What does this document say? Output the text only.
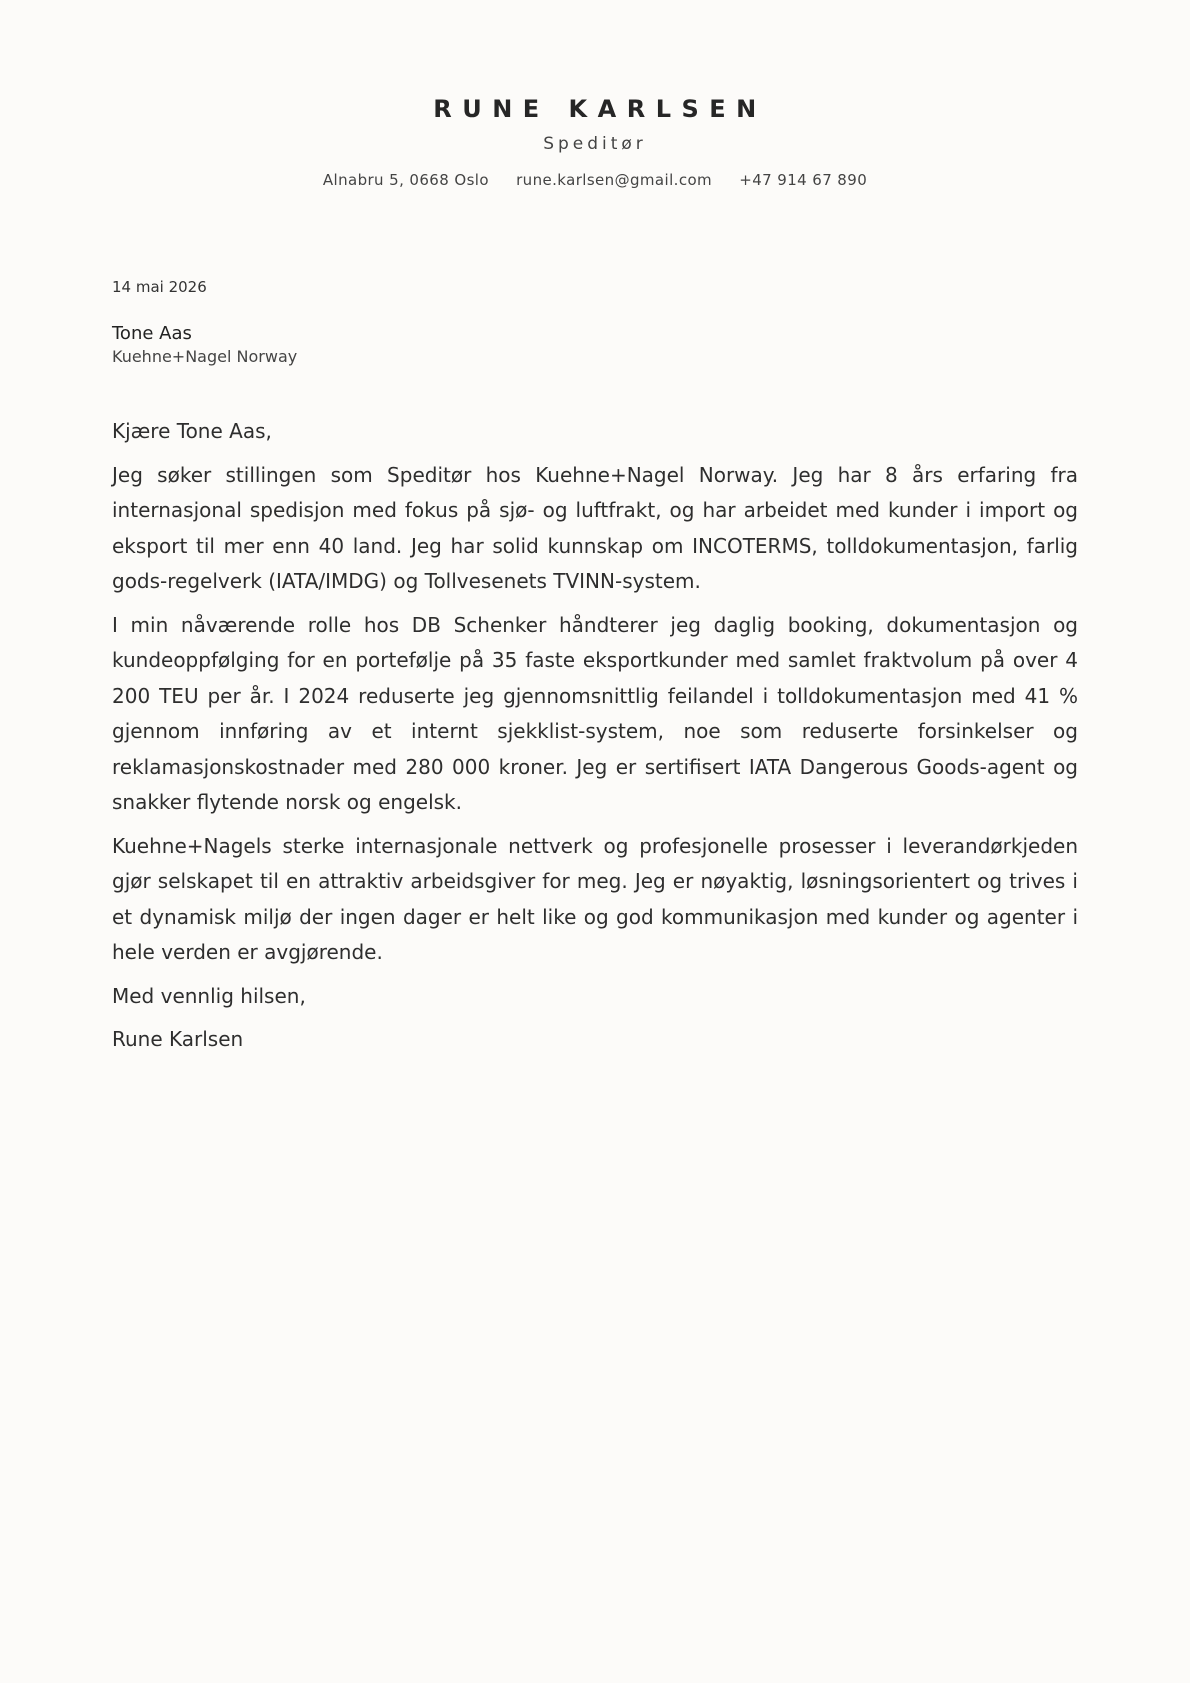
RUNE KARLSEN
Speditør
Alnabru 5, 0668 Oslo rune.karlsen@gmail.com +47 914 67 890
14 mai 2026
Tone Aas
Kuehne+Nagel Norway

Kjære Tone Aas,

Jeg søker stillingen som Speditør hos Kuehne+Nagel Norway. Jeg har 8 års erfaring fra internasjonal spedisjon med fokus på sjø- og luftfrakt, og har arbeidet med kunder i import og eksport til mer enn 40 land. Jeg har solid kunnskap om INCOTERMS, tolldokumentasjon, farlig gods-regelverk (IATA/IMDG) og Tollvesenets TVINN-system.

I min nåværende rolle hos DB Schenker håndterer jeg daglig booking, dokumentasjon og kundeoppfølging for en portefølje på 35 faste eksportkunder med samlet fraktvolum på over 4 200 TEU per år. I 2024 reduserte jeg gjennomsnittlig feilandel i tolldokumentasjon med 41 % gjennom innføring av et internt sjekklist-system, noe som reduserte forsinkelser og reklamasjonskostnader med 280 000 kroner. Jeg er sertifisert IATA Dangerous Goods-agent og snakker flytende norsk og engelsk.

Kuehne+Nagels sterke internasjonale nettverk og profesjonelle prosesser i leverandørkjeden gjør selskapet til en attraktiv arbeidsgiver for meg. Jeg er nøyaktig, løsningsorientert og trives i et dynamisk miljø der ingen dager er helt like og god kommunikasjon med kunder og agenter i hele verden er avgjørende.

Med vennlig hilsen,

Rune Karlsen
